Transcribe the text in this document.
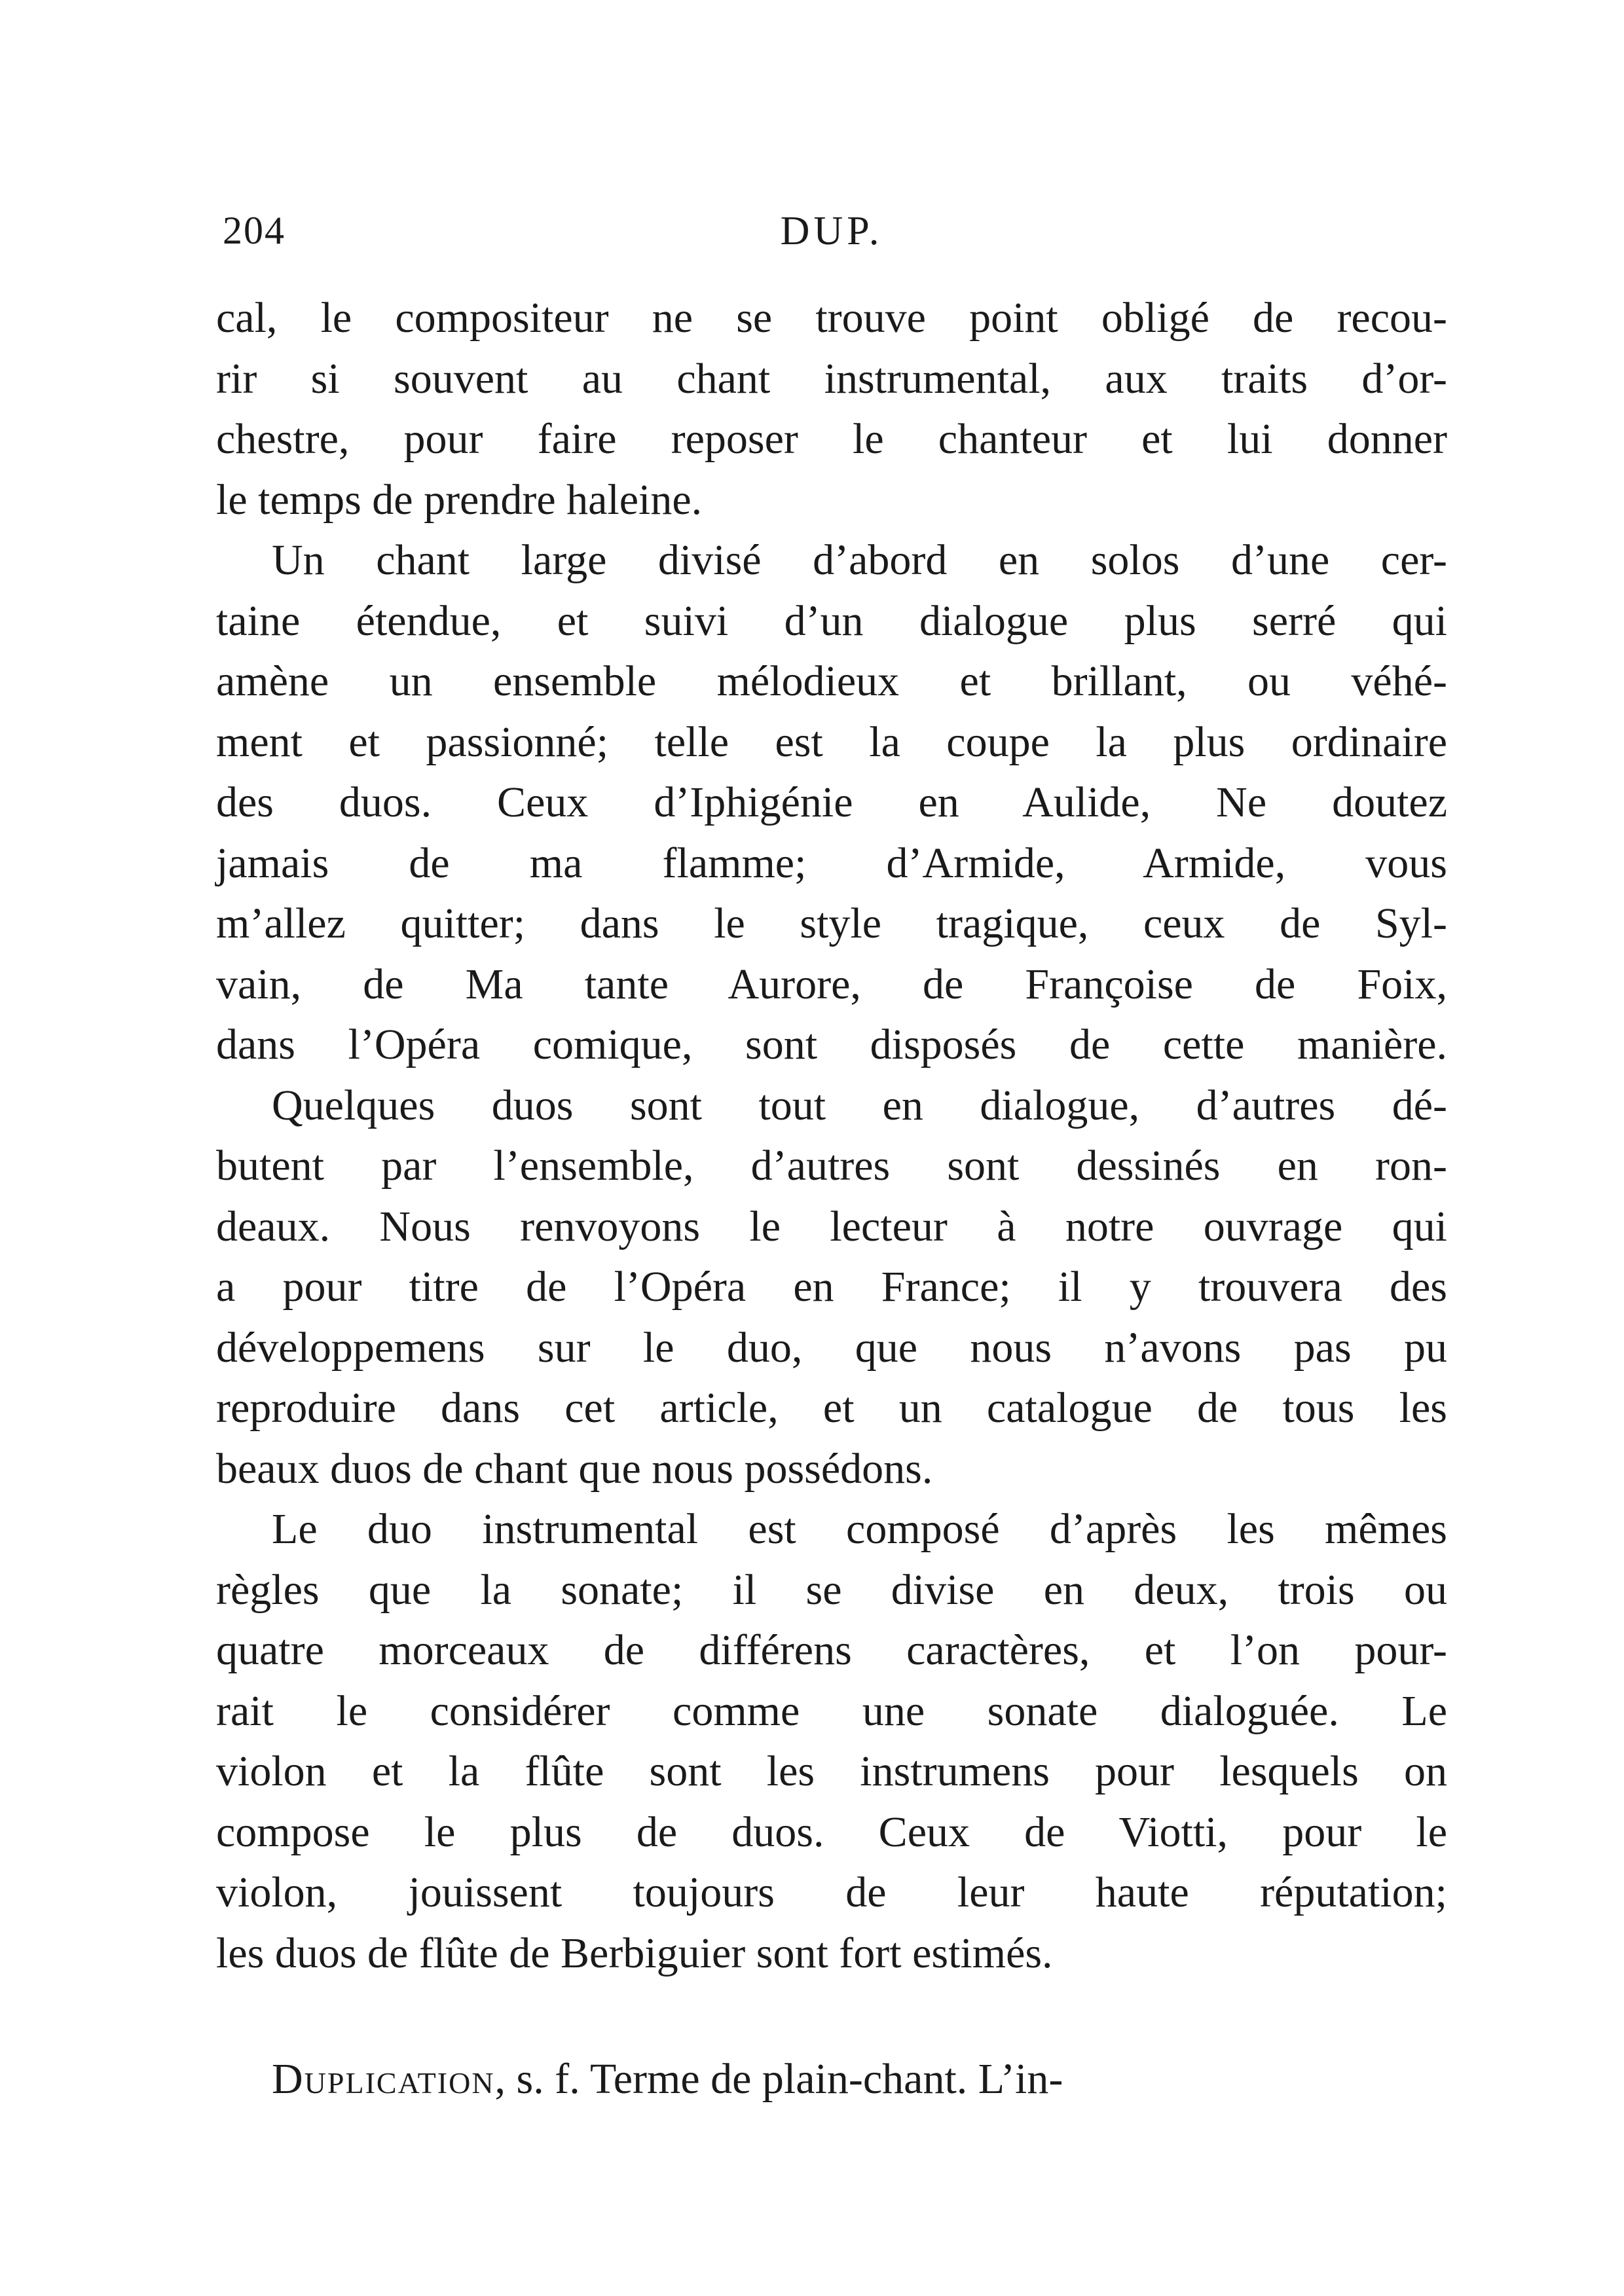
204	DUP.
cal, le compositeur ne se trouve point obligé de recou-
rir si souvent au chant instrumental, aux traits d’or-
chestre, pour faire reposer le chanteur et lui donner
le temps de prendre haleine.
Un chant large divisé d’abord en solos d’une cer-
taine étendue, et suivi d’un dialogue plus serré qui
amène un ensemble mélodieux et brillant, ou véhé-
ment et passionné; telle est la coupe la plus ordinaire
des duos. Ceux d’Iphigénie en Aulide, Ne doutez
jamais de ma flamme; d’Armide, Armide, vous
m’allez quitter; dans le style tragique, ceux de Syl-
vain, de Ma tante Aurore, de Françoise de Foix,
dans l’Opéra comique, sont disposés de cette manière.
Quelques duos sont tout en dialogue, d’autres dé-
butent par l’ensemble, d’autres sont dessinés en ron-
deaux. Nous renvoyons le lecteur à notre ouvrage qui
a pour titre de l’Opéra en France; il y trouvera des
développemens sur le duo, que nous n’avons pas pu
reproduire dans cet article, et un catalogue de tous les
beaux duos de chant que nous possédons.
Le duo instrumental est composé d’après les mêmes
règles que la sonate; il se divise en deux, trois ou
quatre morceaux de différens caractères, et l’on pour-
rait le considérer comme une sonate dialoguée. Le
violon et la flûte sont les instrumens pour lesquels on
compose le plus de duos. Ceux de Viotti, pour le
violon, jouissent toujours de leur haute réputation;
les duos de flûte de Berbiguier sont fort estimés.
Duplication, s. f. Terme de plain-chant. L’in-
